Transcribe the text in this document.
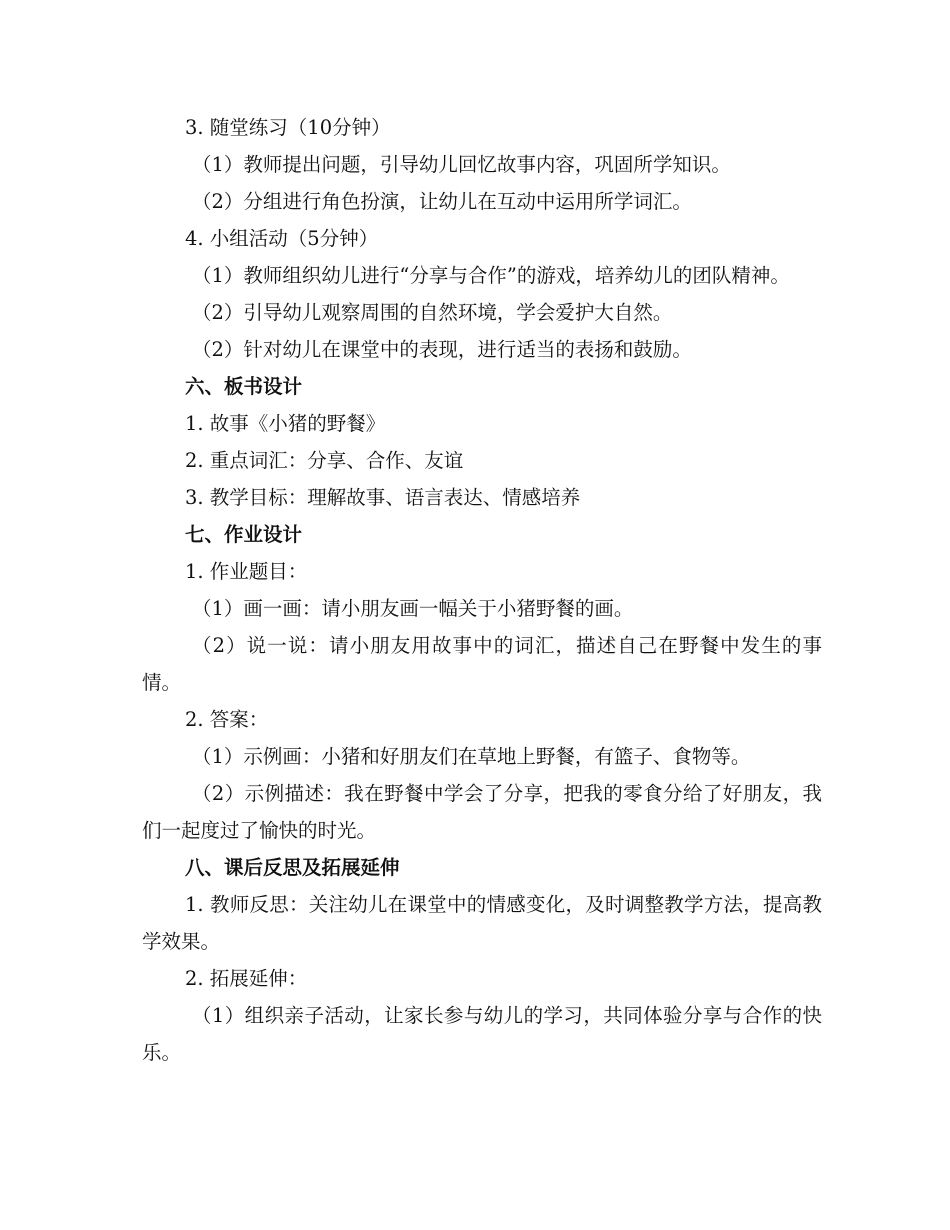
3. 随堂练习（10分钟）

（1）教师提出问题，引导幼儿回忆故事内容，巩固所学知识。

（2）分组进行角色扮演，让幼儿在互动中运用所学词汇。

4. 小组活动（5分钟）

（1）教师组织幼儿进行“分享与合作”的游戏，培养幼儿的团队精神。

（2）引导幼儿观察周围的自然环境，学会爱护大自然。

（2）针对幼儿在课堂中的表现，进行适当的表扬和鼓励。

六、板书设计

1. 故事《小猪的野餐》

2. 重点词汇：分享、合作、友谊

3. 教学目标：理解故事、语言表达、情感培养

七、作业设计

1. 作业题目：

（1）画一画：请小朋友画一幅关于小猪野餐的画。

（2）说一说：请小朋友用故事中的词汇，描述自己在野餐中发生的事情。

2. 答案：

（1）示例画：小猪和好朋友们在草地上野餐，有篮子、食物等。

（2）示例描述：我在野餐中学会了分享，把我的零食分给了好朋友，我们一起度过了愉快的时光。

八、课后反思及拓展延伸

1. 教师反思：关注幼儿在课堂中的情感变化，及时调整教学方法，提高教学效果。

2. 拓展延伸：

（1）组织亲子活动，让家长参与幼儿的学习，共同体验分享与合作的快乐。
